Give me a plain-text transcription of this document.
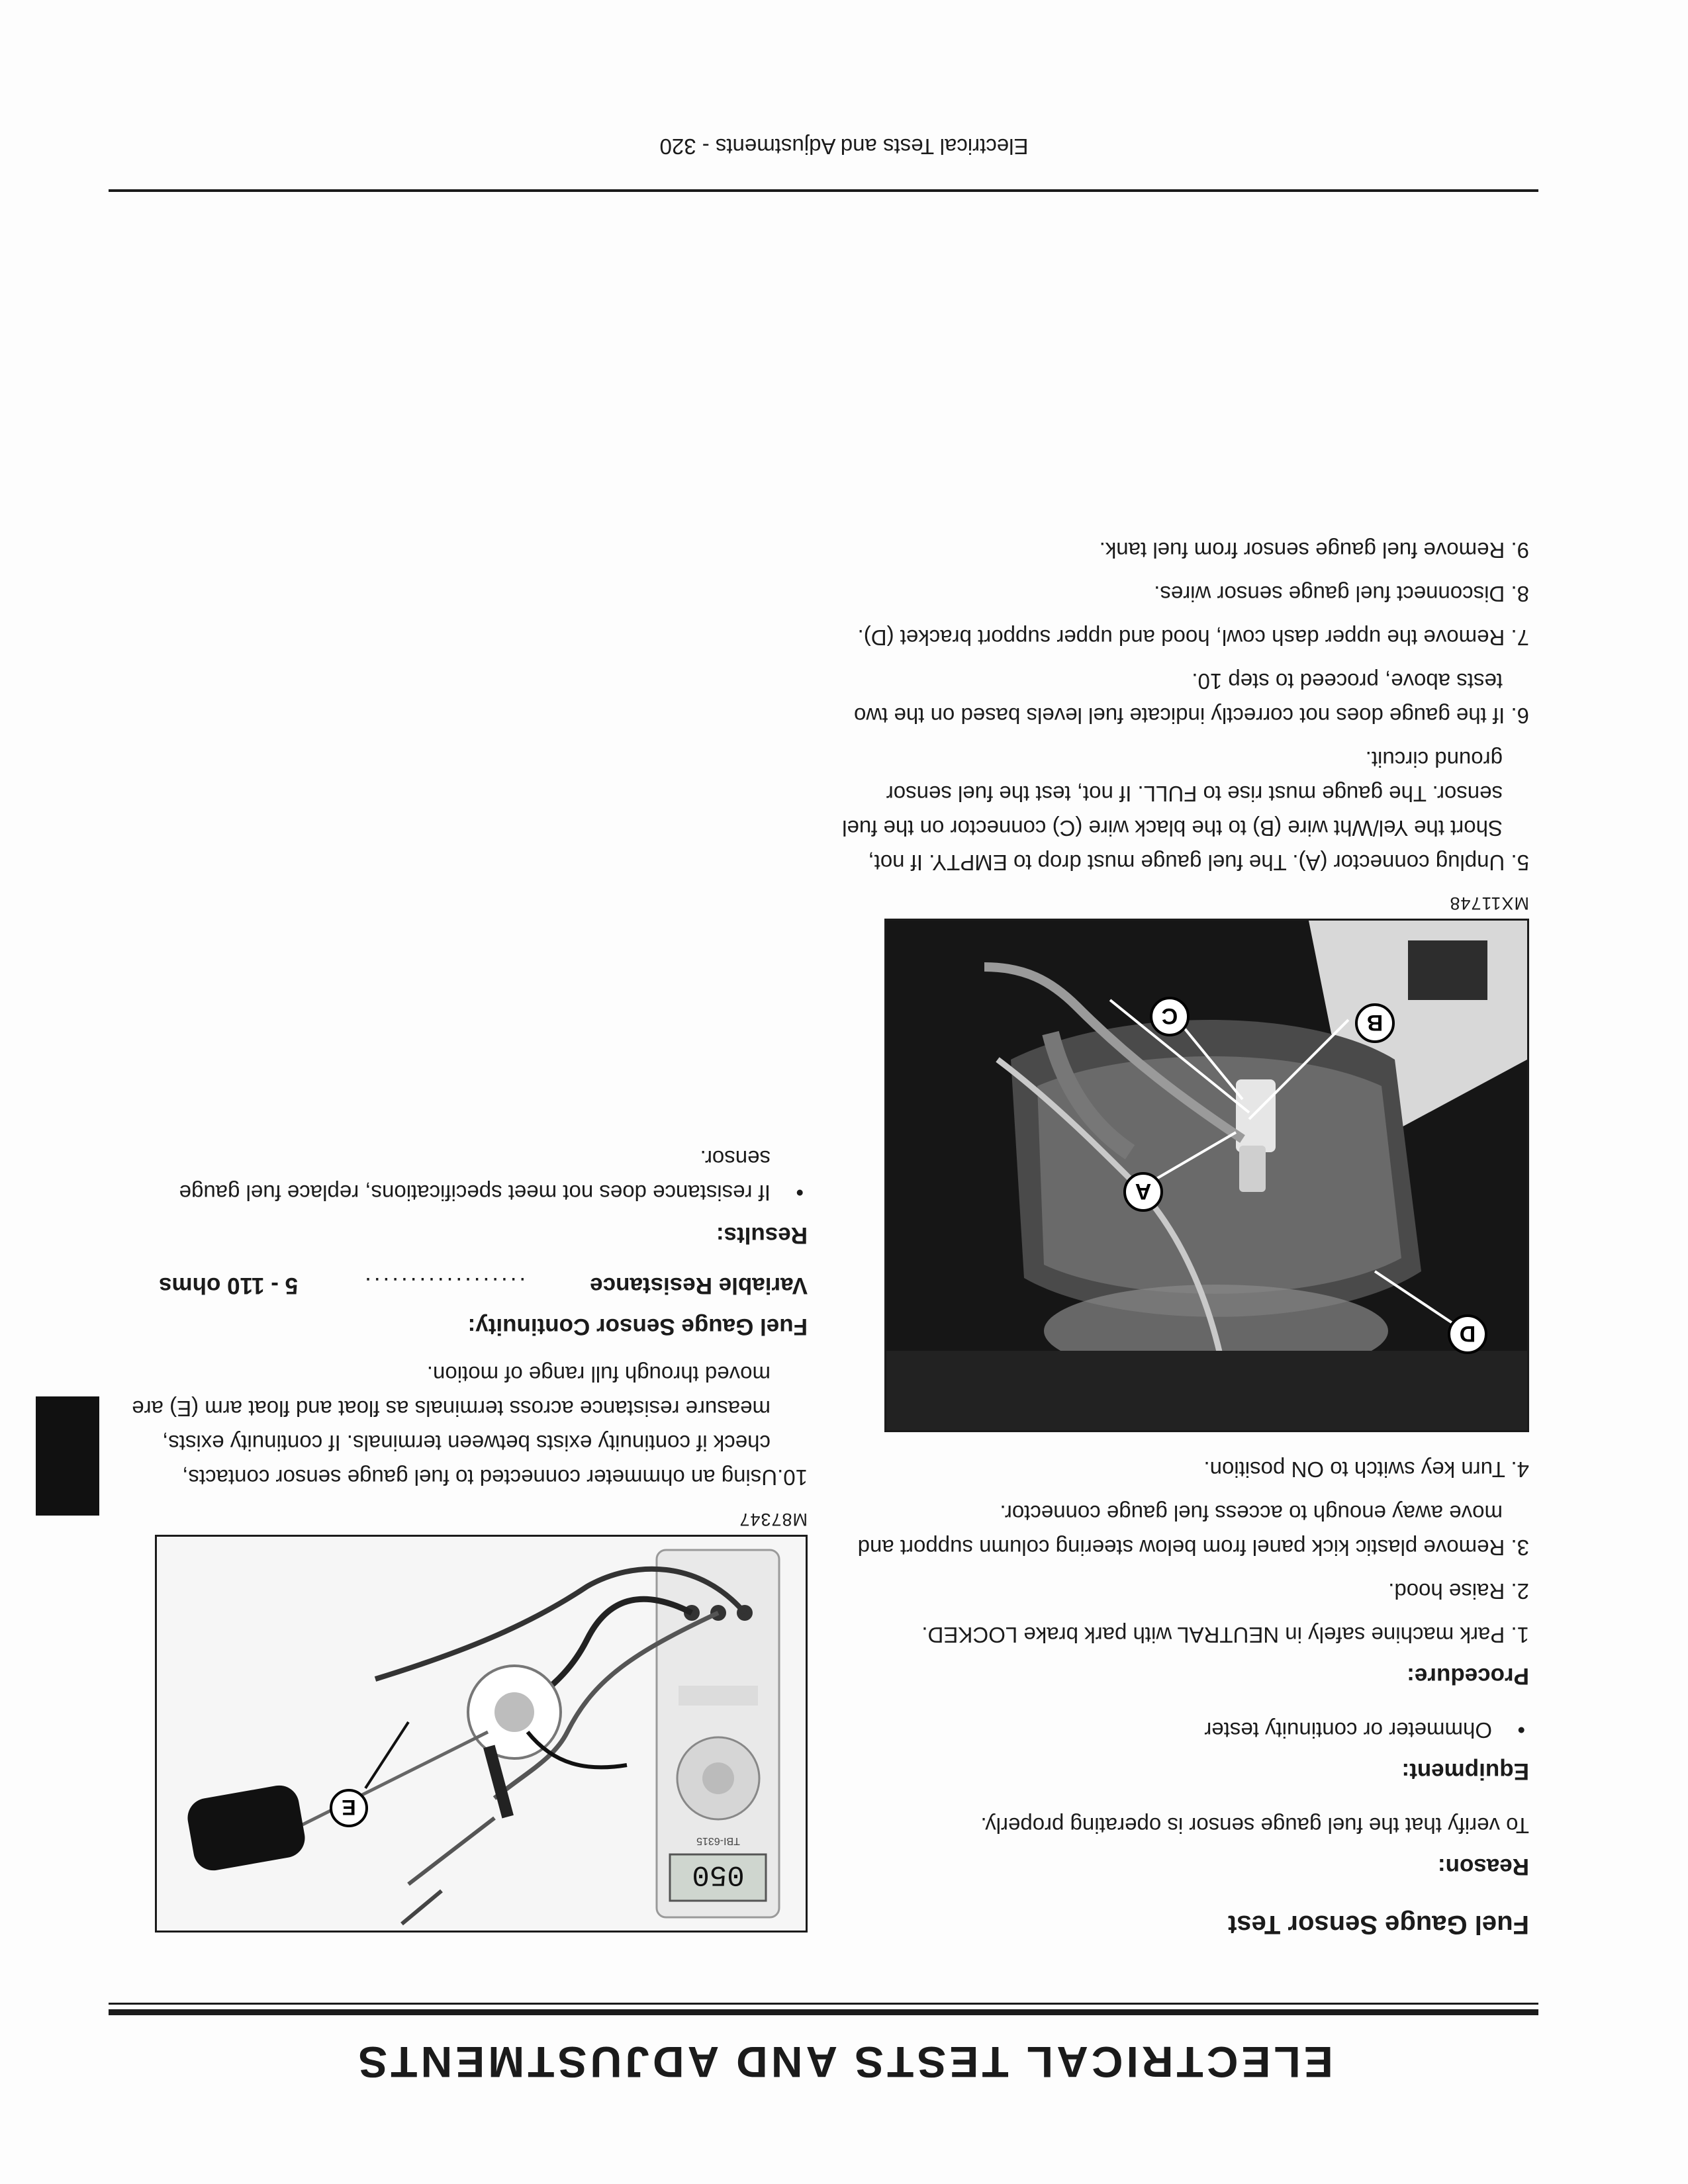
ELECTRICAL TESTS AND ADJUSTMENTS
Fuel Gauge Sensor Test
Reason:
To verify that the fuel gauge sensor is operating properly.
Equipment:
•
Ohmmeter or continuity tester
Procedure:
1. Park machine safely in NEUTRAL with park brake LOCKED.
2. Raise hood.
3. Remove plastic kick panel from below steering column support and move away enough to access fuel gauge connector.
4. Turn key switch to ON position.
D
A
B
C
MX11748
5. Unplug connector (A). The fuel gauge must drop to EMPTY. If not, Short the Yel/Wht wire (B) to the black wire (C) connector on the fuel sensor. The gauge must rise to FULL. If not, test the fuel sensor ground circuit.
6. If the gauge does not correctly indicate fuel levels based on the two tests above, proceed to step 10.
7. Remove the upper dash cowl, hood and upper support bracket (D).
8. Disconnect fuel gauge sensor wires.
9. Remove fuel gauge sensor from fuel tank.
050
TBI-6315
E
M87347
10.Using an ohmmeter connected to fuel gauge sensor contacts, check if continuity exists between terminals. If continuity exists, measure resistance across terminals as float and float arm (E) are moved through full range of motion.
Fuel Gauge Sensor Continuity:
Variable Resistance
..................
5 - 110 ohms
Results:
•
If resistance does not meet specifications, replace fuel gauge sensor.
Electrical Tests and Adjustments - 320
